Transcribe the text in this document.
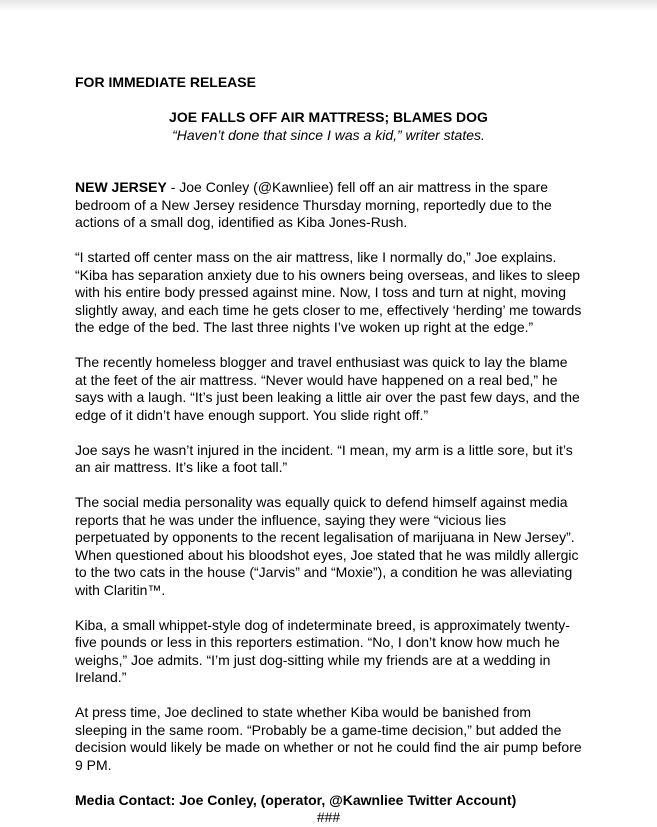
FOR IMMEDIATE RELEASE

JOE FALLS OFF AIR MATTRESS; BLAMES DOG

“Haven’t done that since I was a kid,” writer states.

NEW JERSEY - Joe Conley (@Kawnliee) fell off an air mattress in the spare bedroom of a New Jersey residence Thursday morning, reportedly due to the actions of a small dog, identified as Kiba Jones-Rush.

“I started off center mass on the air mattress, like I normally do,” Joe explains. “Kiba has separation anxiety due to his owners being overseas, and likes to sleep with his entire body pressed against mine. Now, I toss and turn at night, moving slightly away, and each time he gets closer to me, effectively ‘herding’ me towards the edge of the bed. The last three nights I’ve woken up right at the edge.”

The recently homeless blogger and travel enthusiast was quick to lay the blame at the feet of the air mattress. “Never would have happened on a real bed,” he says with a laugh. “It’s just been leaking a little air over the past few days, and the edge of it didn’t have enough support. You slide right off.”

Joe says he wasn’t injured in the incident. “I mean, my arm is a little sore, but it’s an air mattress. It’s like a foot tall.”

The social media personality was equally quick to defend himself against media reports that he was under the influence, saying they were “vicious lies perpetuated by opponents to the recent legalisation of marijuana in New Jersey”. When questioned about his bloodshot eyes, Joe stated that he was mildly allergic to the two cats in the house (“Jarvis” and “Moxie”), a condition he was alleviating with Claritin™.

Kiba, a small whippet-style dog of indeterminate breed, is approximately twenty-five pounds or less in this reporters estimation. “No, I don’t know how much he weighs,” Joe admits. “I’m just dog-sitting while my friends are at a wedding in Ireland.”

At press time, Joe declined to state whether Kiba would be banished from sleeping in the same room. “Probably be a game-time decision,” but added the decision would likely be made on whether or not he could find the air pump before 9 PM.

Media Contact: Joe Conley, (operator, @Kawnliee Twitter Account)

###
